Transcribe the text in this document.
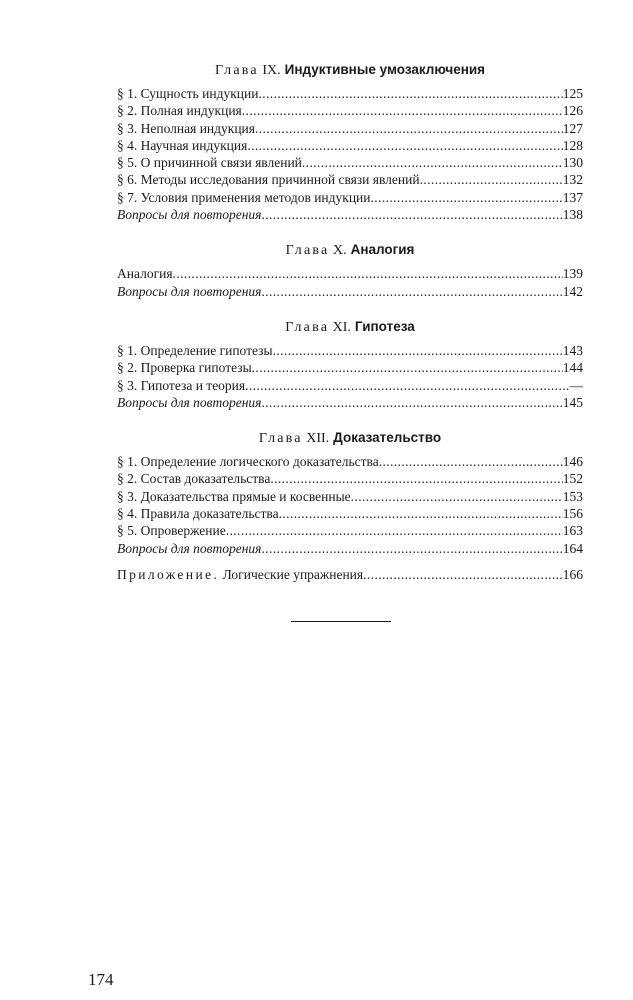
Глава IX. Индуктивные умозаключения
§ 1. Сущность индукции .....	125
§ 2. Полная индукция .....	126
§ 3. Неполная индукция .....	127
§ 4. Научная индукция .....	128
§ 5. О причинной связи явлений .....	130
§ 6. Методы исследования причинной связи явлений .....	132
§ 7. Условия применения методов индукции .....	137
Вопросы для повторения .....	138
Глава X. Аналогия
Аналогия .....	139
Вопросы для повторения .....	142
Глава XI. Гипотеза
§ 1. Определение гипотезы .....	143
§ 2. Проверка гипотезы .....	144
§ 3. Гипотеза и теория .....	—
Вопросы для повторения .....	145
Глава XII. Доказательство
§ 1. Определение логического доказательства .....	146
§ 2. Состав доказательства .....	152
§ 3. Доказательства прямые и косвенные .....	153
§ 4. Правила доказательства .....	156
§ 5. Опровержение .....	163
Вопросы для повторения .....	164
Приложение. Логические упражнения .....	166
174
